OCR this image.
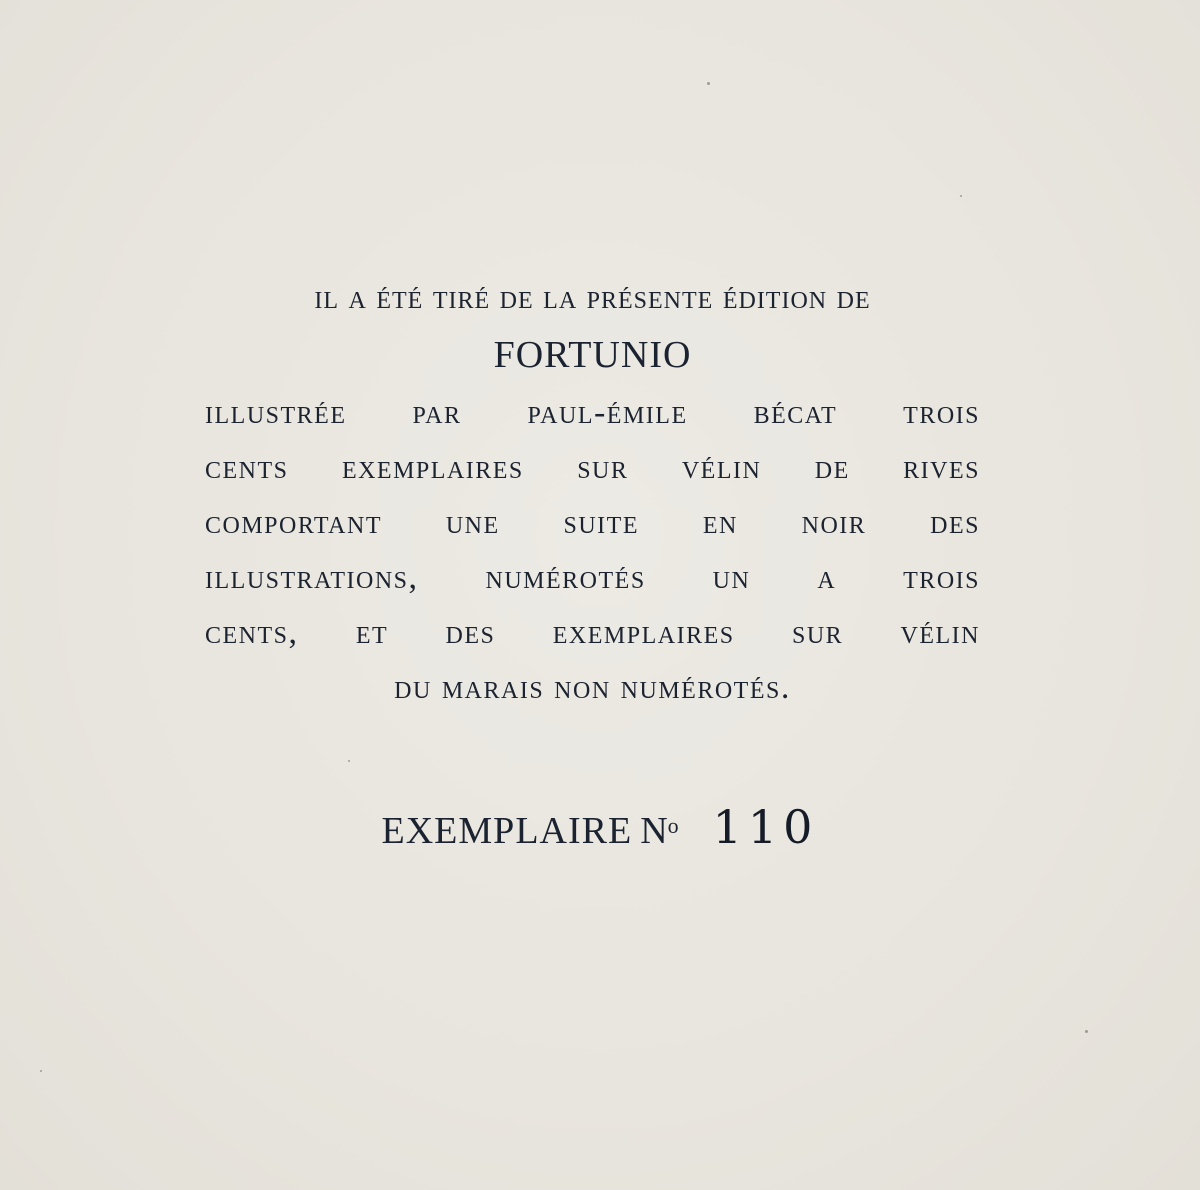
il a été tiré de la présente édition de
FORTUNIO
illustrée par paul-émile bécat trois
cents exemplaires sur vélin de rives
comportant une suite en noir des
illustrations, numérotés un a trois
cents, et des exemplaires sur vélin
du marais non numérotés.
EXEMPLAIRE $N^o$ 110
